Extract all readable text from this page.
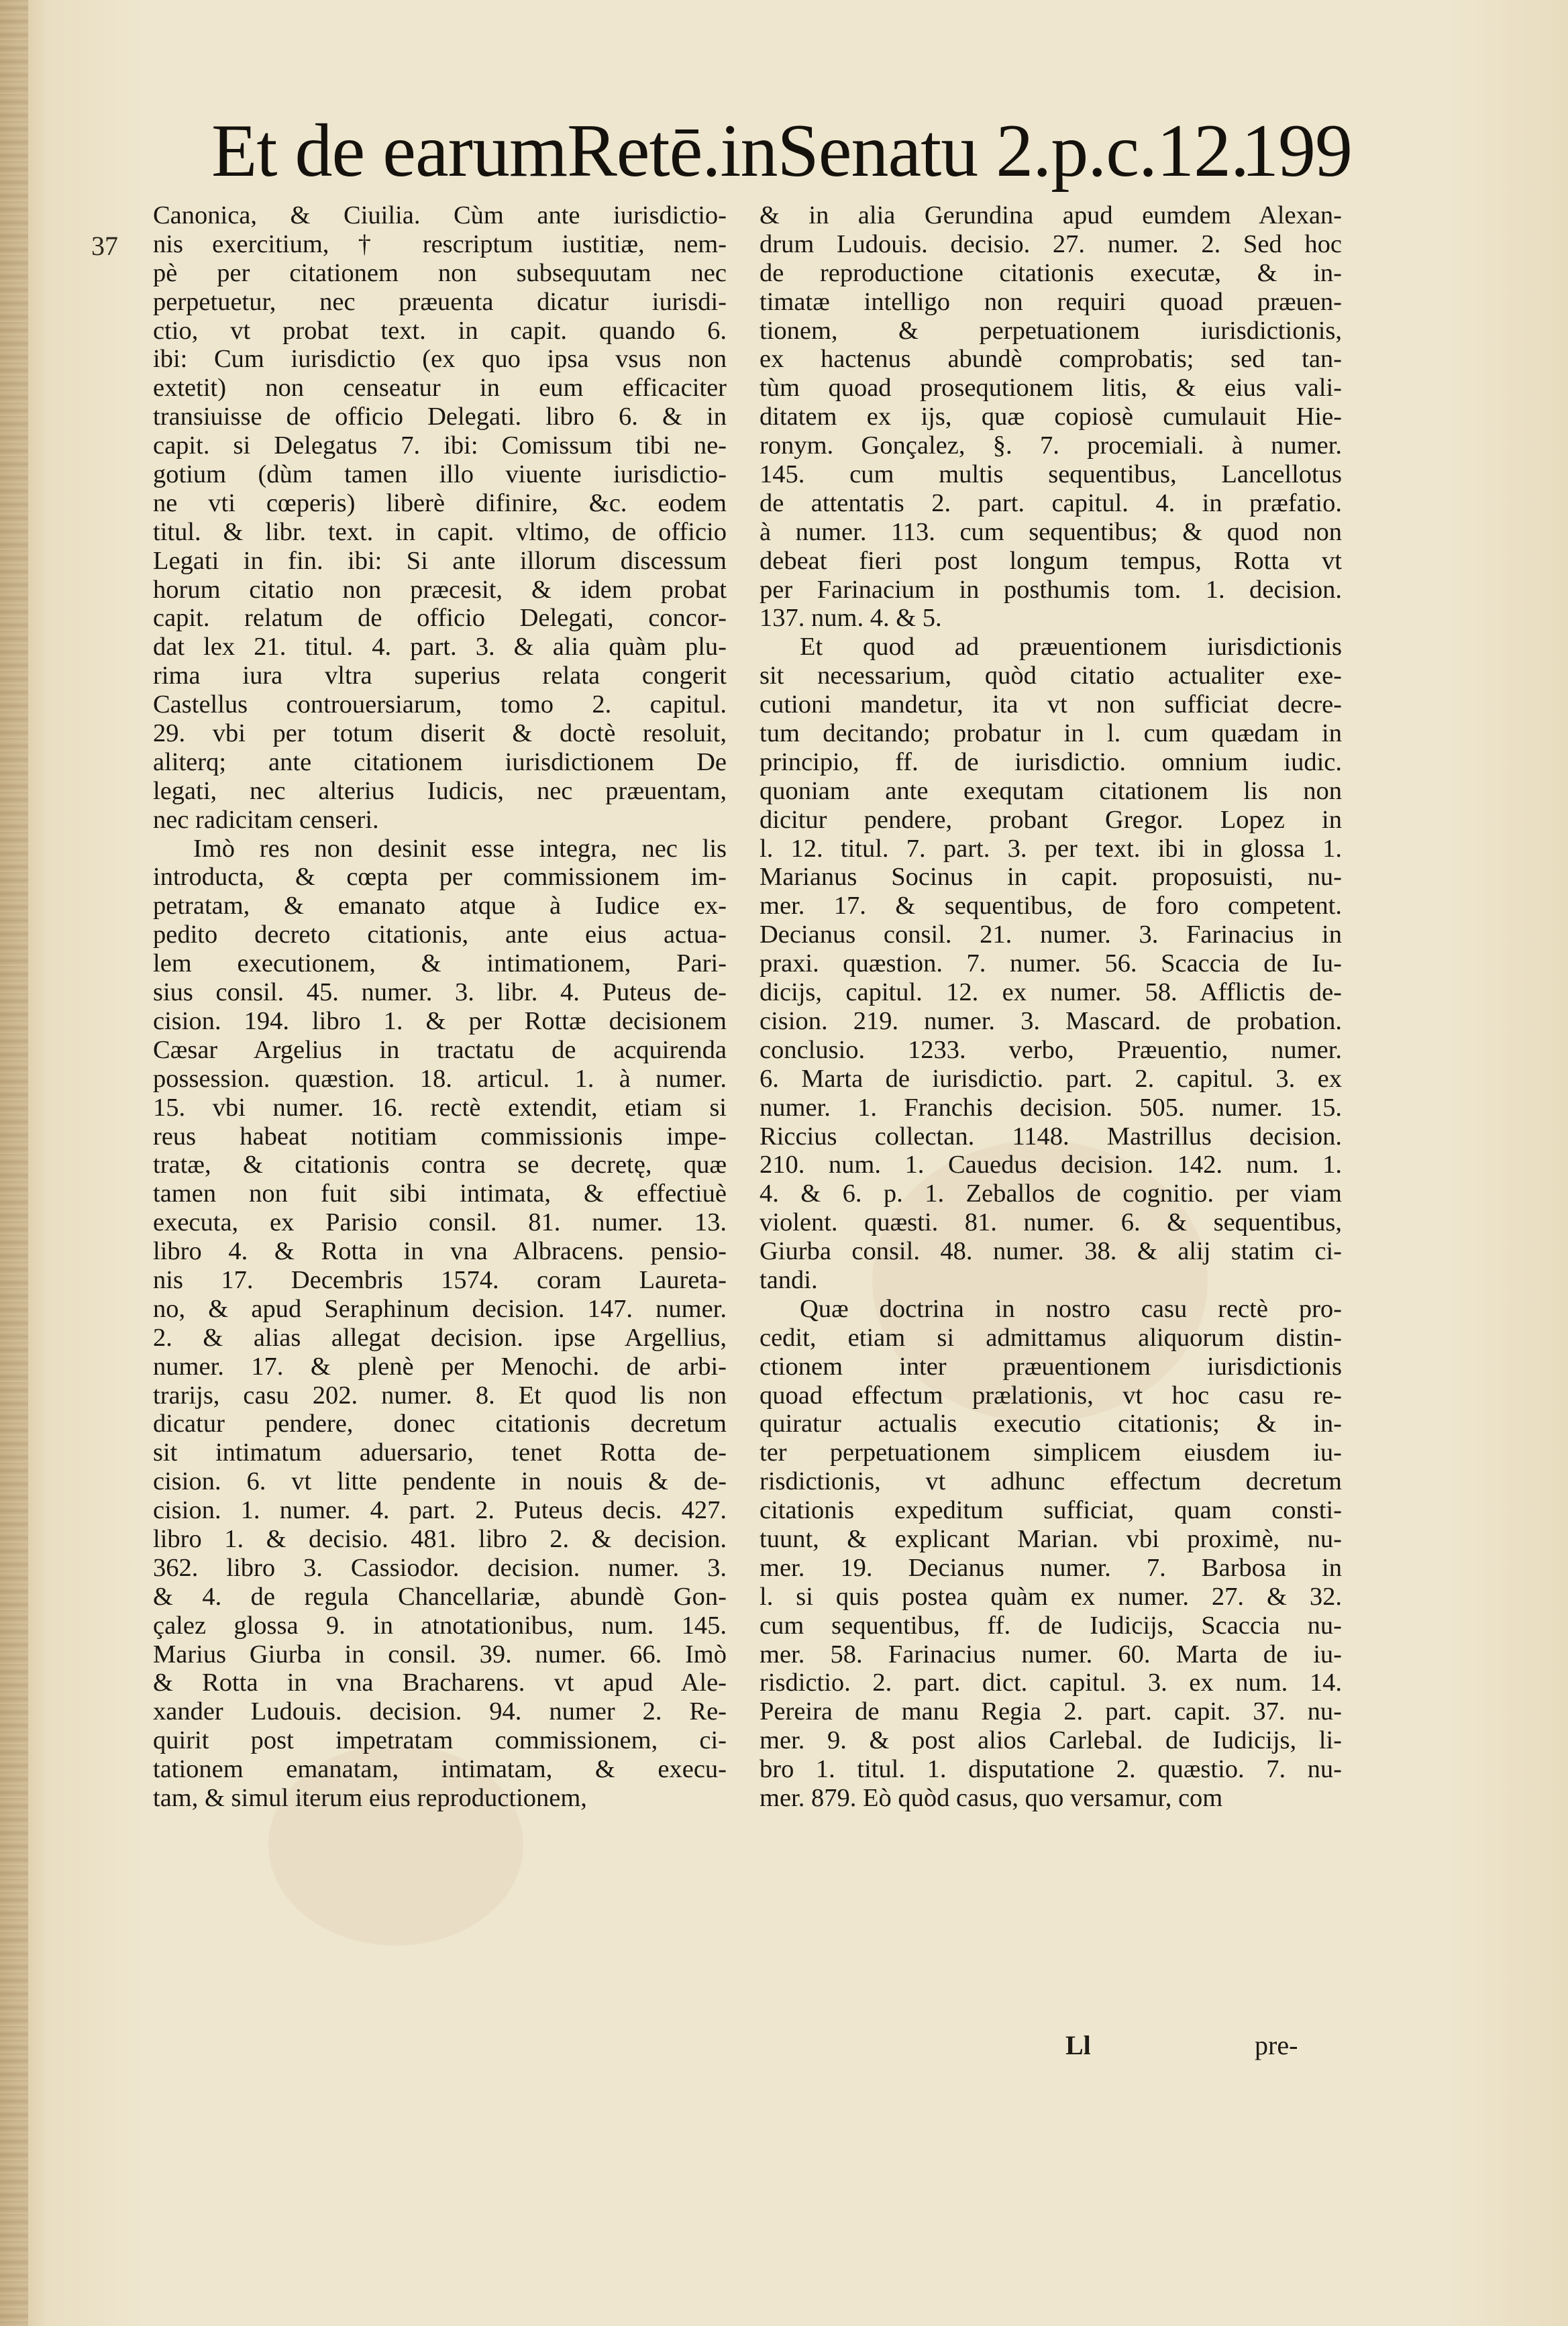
Et de earumRetē.inSenatu 2.p.c.12.
199
37
Canonica, & Ciuilia. Cùm ante iurisdictio-
nis exercitium, † rescriptum iustitiæ, nem-
pè per citationem non subsequutam nec
perpetuetur, nec præuenta dicatur iurisdi-
ctio, vt probat text. in capit. quando 6.
ibi: Cum iurisdictio (ex quo ipsa vsus non
extetit) non censeatur in eum efficaciter
transiuisse de officio Delegati. libro 6. & in
capit. si Delegatus 7. ibi: Comissum tibi ne-
gotium (dùm tamen illo viuente iurisdictio-
ne vti cœperis) liberè difinire, &c. eodem
titul. & libr. text. in capit. vltimo, de officio
Legati in fin. ibi: Si ante illorum discessum
horum citatio non præcesit, & idem probat
capit. relatum de officio Delegati, concor-
dat lex 21. titul. 4. part. 3. & alia quàm plu-
rima iura vltra superius relata congerit
Castellus controuersiarum, tomo 2. capitul.
29. vbi per totum diserit & doctè resoluit,
aliterq; ante citationem iurisdictionem De
legati, nec alterius Iudicis, nec præuentam,
nec radicitam censeri.
Imò res non desinit esse integra, nec lis
introducta, & cœpta per commissionem im-
petratam, & emanato atque à Iudice ex-
pedito decreto citationis, ante eius actua-
lem executionem, & intimationem, Pari-
sius consil. 45. numer. 3. libr. 4. Puteus de-
cision. 194. libro 1. & per Rottæ decisionem
Cæsar Argelius in tractatu de acquirenda
possession. quæstion. 18. articul. 1. à numer.
15. vbi numer. 16. rectè extendit, etiam si
reus habeat notitiam commissionis impe-
tratæ, & citationis contra se decretę, quæ
tamen non fuit sibi intimata, & effectiuè
executa, ex Parisio consil. 81. numer. 13.
libro 4. & Rotta in vna Albracens. pensio-
nis 17. Decembris 1574. coram Laureta-
no, & apud Seraphinum decision. 147. numer.
2. & alias allegat decision. ipse Argellius,
numer. 17. & plenè per Menochi. de arbi-
trarijs, casu 202. numer. 8. Et quod lis non
dicatur pendere, donec citationis decretum
sit intimatum aduersario, tenet Rotta de-
cision. 6. vt litte pendente in nouis & de-
cision. 1. numer. 4. part. 2. Puteus decis. 427.
libro 1. & decisio. 481. libro 2. & decision.
362. libro 3. Cassiodor. decision. numer. 3.
& 4. de regula Chancellariæ, abundè Gon-
çalez glossa 9. in atnotationibus, num. 145.
Marius Giurba in consil. 39. numer. 66. Imò
& Rotta in vna Bracharens. vt apud Ale-
xander Ludouis. decision. 94. numer 2. Re-
quirit post impetratam commissionem, ci-
tationem emanatam, intimatam, & execu-
tam, & simul iterum eius reproductionem,
& in alia Gerundina apud eumdem Alexan-
drum Ludouis. decisio. 27. numer. 2. Sed hoc
de reproductione citationis executæ, & in-
timatæ intelligo non requiri quoad præuen-
tionem, & perpetuationem iurisdictionis,
ex hactenus abundè comprobatis; sed tan-
tùm quoad prosequtionem litis, & eius vali-
ditatem ex ijs, quæ copiosè cumulauit Hie-
ronym. Gonçalez, §. 7. procemiali. à numer.
145. cum multis sequentibus, Lancellotus
de attentatis 2. part. capitul. 4. in præfatio.
à numer. 113. cum sequentibus; & quod non
debeat fieri post longum tempus, Rotta vt
per Farinacium in posthumis tom. 1. decision.
137. num. 4. & 5.
Et quod ad præuentionem iurisdictionis
sit necessarium, quòd citatio actualiter exe-
cutioni mandetur, ita vt non sufficiat decre-
tum decitando; probatur in l. cum quædam in
principio, ff. de iurisdictio. omnium iudic.
quoniam ante exequtam citationem lis non
dicitur pendere, probant Gregor. Lopez in
l. 12. titul. 7. part. 3. per text. ibi in glossa 1.
Marianus Socinus in capit. proposuisti, nu-
mer. 17. & sequentibus, de foro competent.
Decianus consil. 21. numer. 3. Farinacius in
praxi. quæstion. 7. numer. 56. Scaccia de Iu-
dicijs, capitul. 12. ex numer. 58. Afflictis de-
cision. 219. numer. 3. Mascard. de probation.
conclusio. 1233. verbo, Præuentio, numer.
6. Marta de iurisdictio. part. 2. capitul. 3. ex
numer. 1. Franchis decision. 505. numer. 15.
Riccius collectan. 1148. Mastrillus decision.
210. num. 1. Cauedus decision. 142. num. 1.
4. & 6. p. 1. Zeballos de cognitio. per viam
violent. quæsti. 81. numer. 6. & sequentibus,
Giurba consil. 48. numer. 38. & alij statim ci-
tandi.
Quæ doctrina in nostro casu rectè pro-
cedit, etiam si admittamus aliquorum distin-
ctionem inter præuentionem iurisdictionis
quoad effectum prælationis, vt hoc casu re-
quiratur actualis executio citationis; & in-
ter perpetuationem simplicem eiusdem iu-
risdictionis, vt adhunc effectum decretum
citationis expeditum sufficiat, quam consti-
tuunt, & explicant Marian. vbi proximè, nu-
mer. 19. Decianus numer. 7. Barbosa in
l. si quis postea quàm ex numer. 27. & 32.
cum sequentibus, ff. de Iudicijs, Scaccia nu-
mer. 58. Farinacius numer. 60. Marta de iu-
risdictio. 2. part. dict. capitul. 3. ex num. 14.
Pereira de manu Regia 2. part. capit. 37. nu-
mer. 9. & post alios Carlebal. de Iudicijs, li-
bro 1. titul. 1. disputatione 2. quæstio. 7. nu-
mer. 879. Eò quòd casus, quo versamur, com
Ll	pre-
